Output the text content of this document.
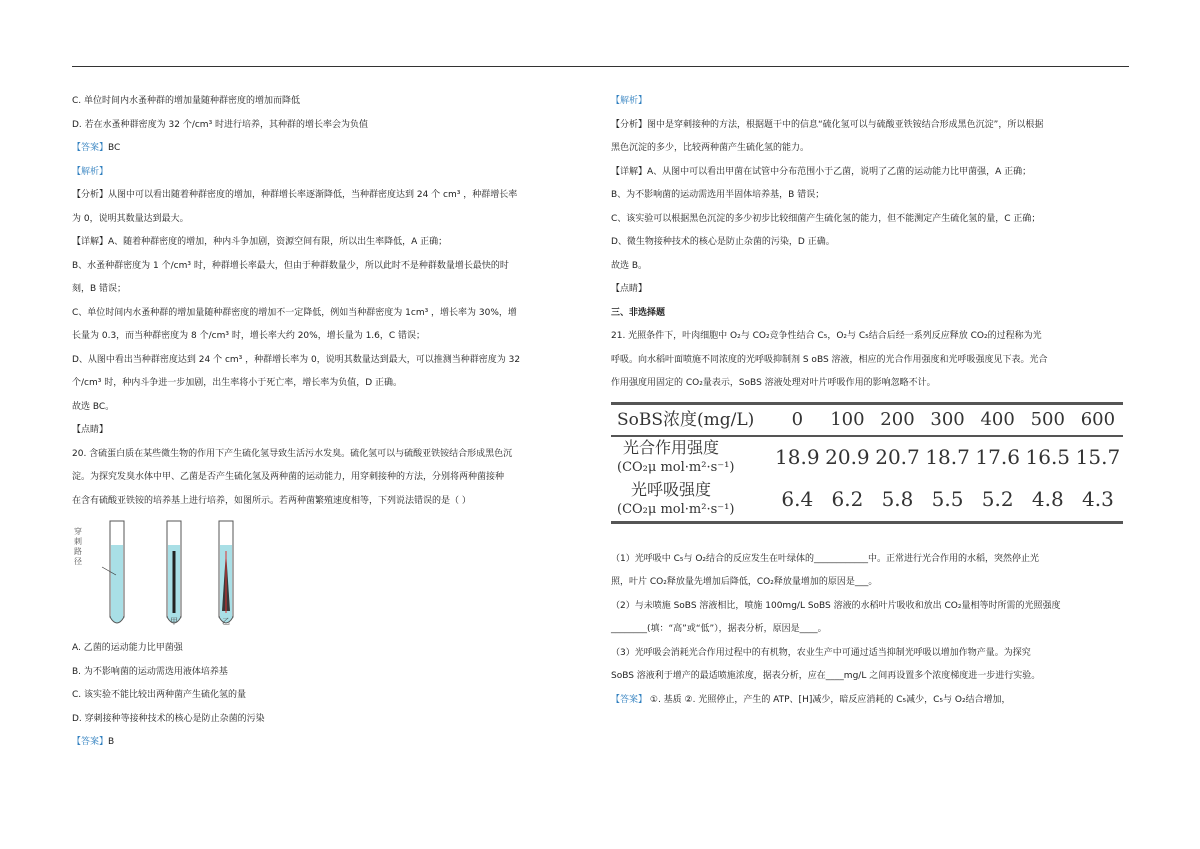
C. 单位时间内水蚤种群的增加量随种群密度的增加而降低

D. 若在水蚤种群密度为 32 个/cm³ 时进行培养，其种群的增长率会为负值

【答案】BC

【解析】

【分析】从图中可以看出随着种群密度的增加，种群增长率逐渐降低，当种群密度达到 24 个 cm³ ，种群增长率

为 0，说明其数量达到最大。

【详解】A、随着种群密度的增加，种内斗争加剧，资源空间有限，所以出生率降低，A 正确；

B、水蚤种群密度为 1 个/cm³ 时，种群增长率最大，但由于种群数量少，所以此时不是种群数量增长最快的时

刻，B 错误；

C、单位时间内水蚤种群的增加量随种群密度的增加不一定降低，例如当种群密度为 1cm³ ，增长率为 30%，增

长量为 0.3，而当种群密度为 8 个/cm³ 时，增长率大约 20%，增长量为 1.6，C 错误；

D、从图中看出当种群密度达到 24 个 cm³ ，种群增长率为 0，说明其数量达到最大，可以推测当种群密度为 32

个/cm³ 时，种内斗争进一步加剧，出生率将小于死亡率，增长率为负值，D 正确。

故选 BC。

【点睛】

20. 含硫蛋白质在某些微生物的作用下产生硫化氢导致生活污水发臭。硫化氢可以与硫酸亚铁铵结合形成黑色沉

淀。为探究发臭水体中甲、乙菌是否产生硫化氢及两种菌的运动能力，用穿刺接种的方法，分别将两种菌接种

在含有硫酸亚铁铵的培养基上进行培养，如图所示。若两种菌繁殖速度相等，下列说法错误的是（ ）

穿刺路径
甲	乙

A. 乙菌的运动能力比甲菌强

B. 为不影响菌的运动需选用液体培养基

C. 该实验不能比较出两种菌产生硫化氢的量

D. 穿刺接种等接种技术的核心是防止杂菌的污染

【答案】B

【解析】

【分析】图中是穿刺接种的方法，根据题干中的信息“硫化氢可以与硫酸亚铁铵结合形成黑色沉淀”，所以根据

黑色沉淀的多少，比较两种菌产生硫化氢的能力。

【详解】A、从图中可以看出甲菌在试管中分布范围小于乙菌，说明了乙菌的运动能力比甲菌强，A 正确；

B、为不影响菌的运动需选用半固体培养基，B 错误；

C、该实验可以根据黑色沉淀的多少初步比较细菌产生硫化氢的能力，但不能测定产生硫化氢的量，C 正确；

D、微生物接种技术的核心是防止杂菌的污染，D 正确。

故选 B。

【点睛】

三、非选择题

21. 光照条件下，叶肉细胞中 O₂与 CO₂竞争性结合 C₅，O₂与 C₅结合后经一系列反应释放 CO₂的过程称为光

呼吸。向水稻叶面喷施不同浓度的光呼吸抑制剂 S oBS 溶液，相应的光合作用强度和光呼吸强度见下表。光合

作用强度用固定的 CO₂量表示，SoBS 溶液处理对叶片呼吸作用的影响忽略不计。

SoBS浓度(mg/L)	0	100	200	300	400	500	600

光合作用强度
(CO₂μ mol·m²·s⁻¹)	18.9	20.9	20.7	18.7	17.6	16.5	15.7

光呼吸强度
(CO₂μ mol·m²·s⁻¹)	6.4	6.2	5.8	5.5	5.2	4.8	4.3

（1）光呼吸中 C₅与 O₂结合的反应发生在叶绿体的____________中。正常进行光合作用的水稻，突然停止光

照，叶片 CO₂释放量先增加后降低，CO₂释放量增加的原因是___。

（2）与未喷施 SoBS 溶液相比，喷施 100mg/L SoBS 溶液的水稻叶片吸收和放出 CO₂量相等时所需的光照强度

________(填：“高”或“低”），据表分析，原因是____。

（3）光呼吸会消耗光合作用过程中的有机物，农业生产中可通过适当抑制光呼吸以增加作物产量。为探究

SoBS 溶液利于增产的最适喷施浓度，据表分析，应在____mg/L 之间再设置多个浓度梯度进一步进行实验。

【答案】 ①. 基质 ②. 光照停止，产生的 ATP、[H]减少，暗反应消耗的 C₅减少，C₅与 O₂结合增加，
